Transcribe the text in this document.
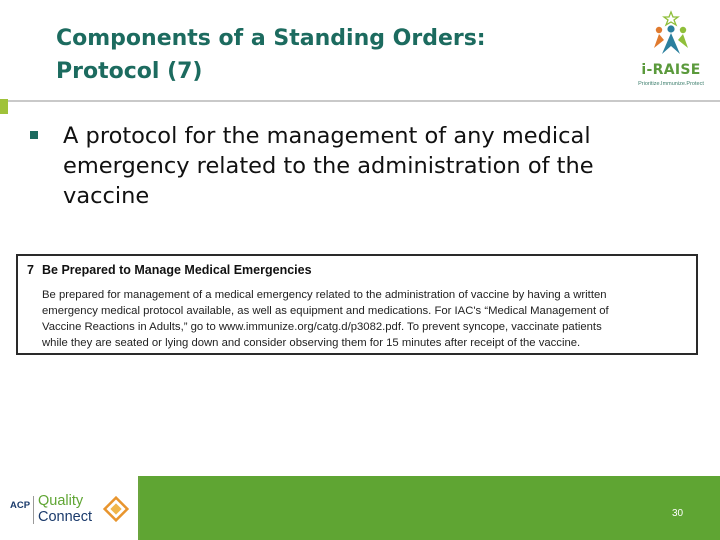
Components of a Standing Orders:
Protocol (7)	i-RAISE
Prioritize.Immunize.Protect
A protocol for the management of any medical
emergency related to the administration of the
vaccine
7 Be Prepared to Manage Medical Emergencies
Be prepared for management of a medical emergency related to the administration of vaccine by having a written
emergency medical protocol available, as well as equipment and medications. For IAC's “Medical Management of
Vaccine Reactions in Adults,” go to www.immunize.org/catg.d/p3082.pdf. To prevent syncope, vaccinate patients
while they are seated or lying down and consider observing them for 15 minutes after receipt of the vaccine.
ACP Quality
Connect	30
